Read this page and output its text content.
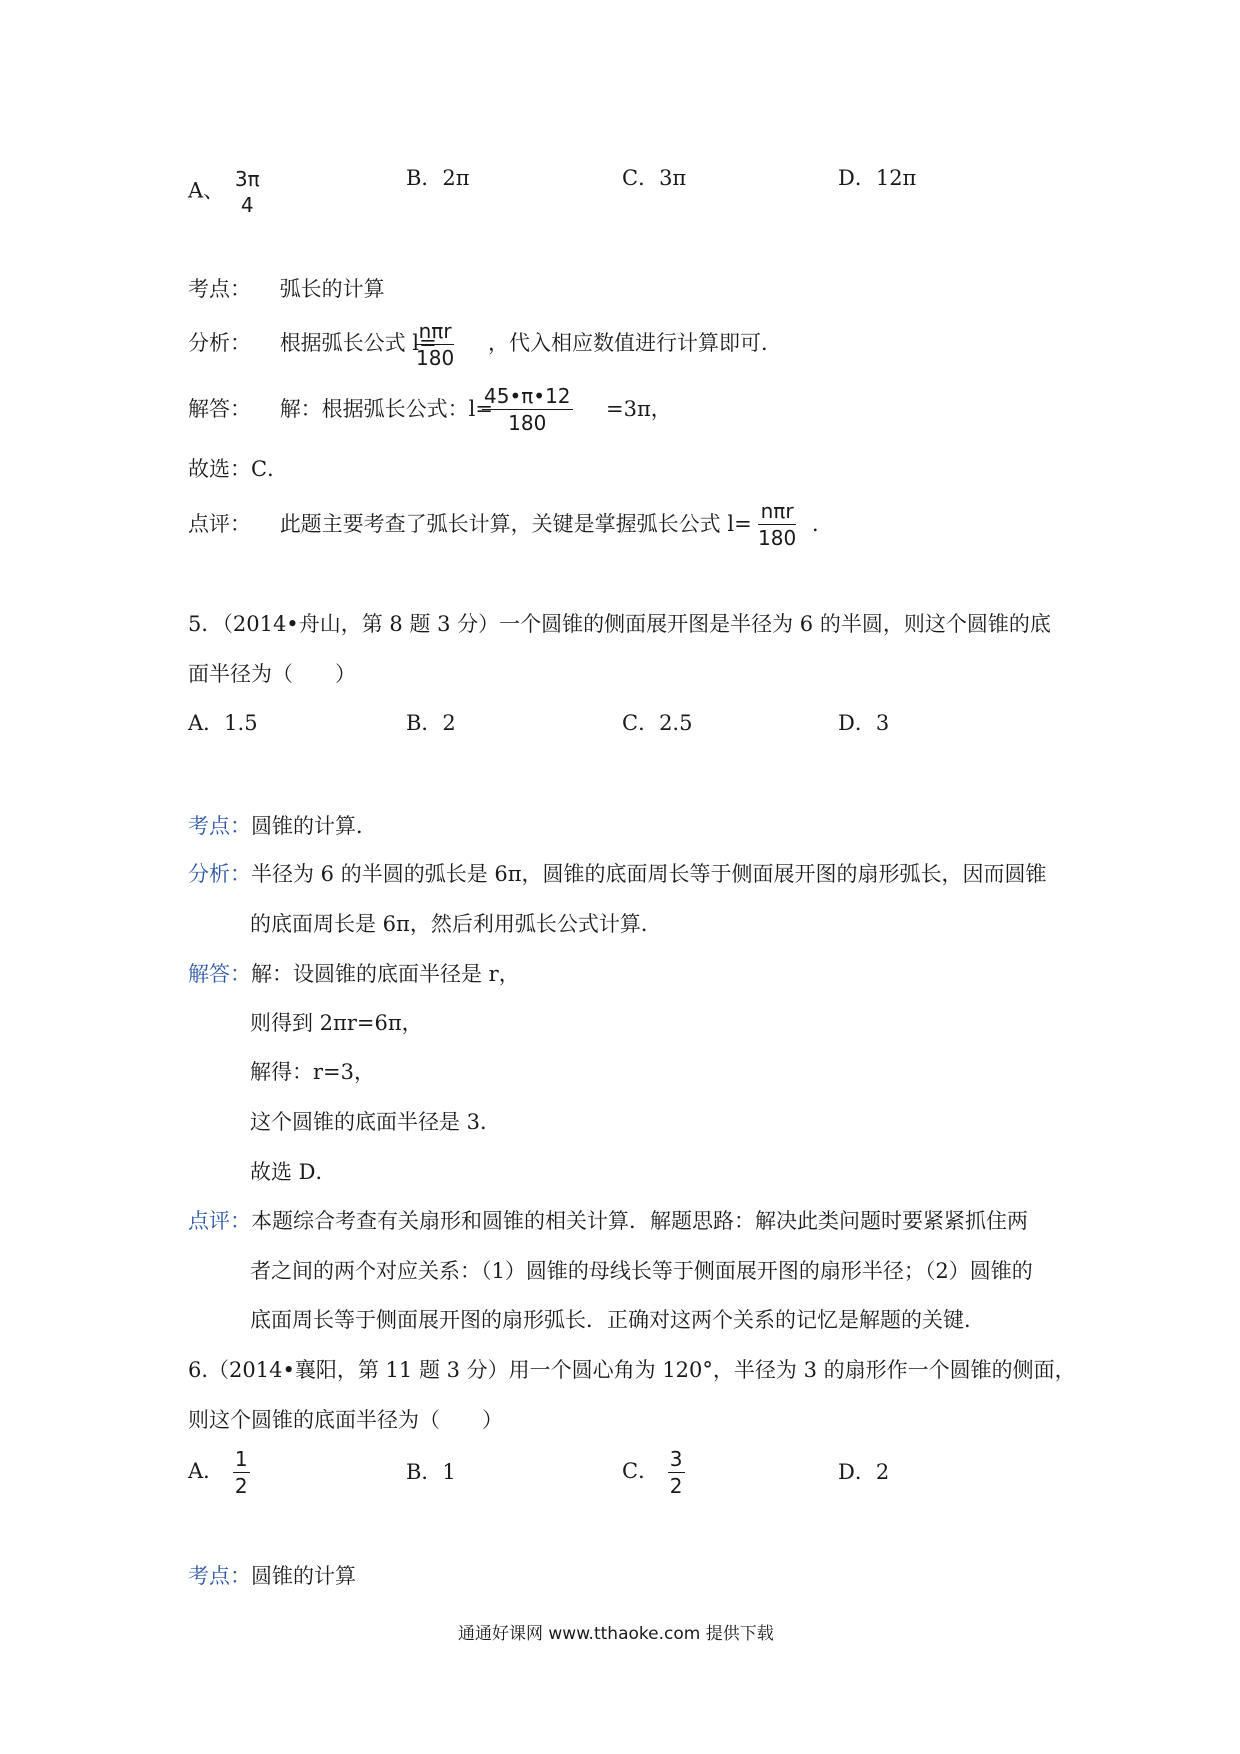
A、 3π
4
B．2π	C．3π	D．12π
考点： 弧长的计算
分析： 根据弧长公式 l=
$\frac{\text{nπr}}{180}$ ，代入相应数值进行计算即可．
解答： 解：根据弧长公式：l=
$\frac{45•\pi•12}{180} =3\pi$，
故选：C．
点评： 此题主要考查了弧长计算，关键是掌握弧长公式 $l= \frac{\text{nπr}}{180}$ ．
5．（2014•舟山，第 8 题 3 分）一个圆锥的侧面展开图是半径为 6 的半圆，则这个圆锥的底
面半径为（　　）
A．1.5	B．2	C．2.5	D．3
考点：圆锥的计算．
分析：半径为 6 的半圆的弧长是 6π，圆锥的底面周长等于侧面展开图的扇形弧长，因而圆锥
的底面周长是 6π，然后利用弧长公式计算．
解答：解：设圆锥的底面半径是 r，
则得到 2πr=6π，
解得：r=3，
这个圆锥的底面半径是 3．
故选 D．
点评：本题综合考查有关扇形和圆锥的相关计算．解题思路：解决此类问题时要紧紧抓住两
者之间的两个对应关系：（1）圆锥的母线长等于侧面展开图的扇形半径；（2）圆锥的
底面周长等于侧面展开图的扇形弧长．正确对这两个关系的记忆是解题的关键．
6.（2014•襄阳，第 11 题 3 分）用一个圆心角为 120°，半径为 3 的扇形作一个圆锥的侧面，
则这个圆锥的底面半径为（　　）
A． $\frac{1}{2}$	B．1	C． $\frac{3}{2}$	D．2
考点：圆锥的计算
通通好课网 www.tthaoke.com 提供下载
